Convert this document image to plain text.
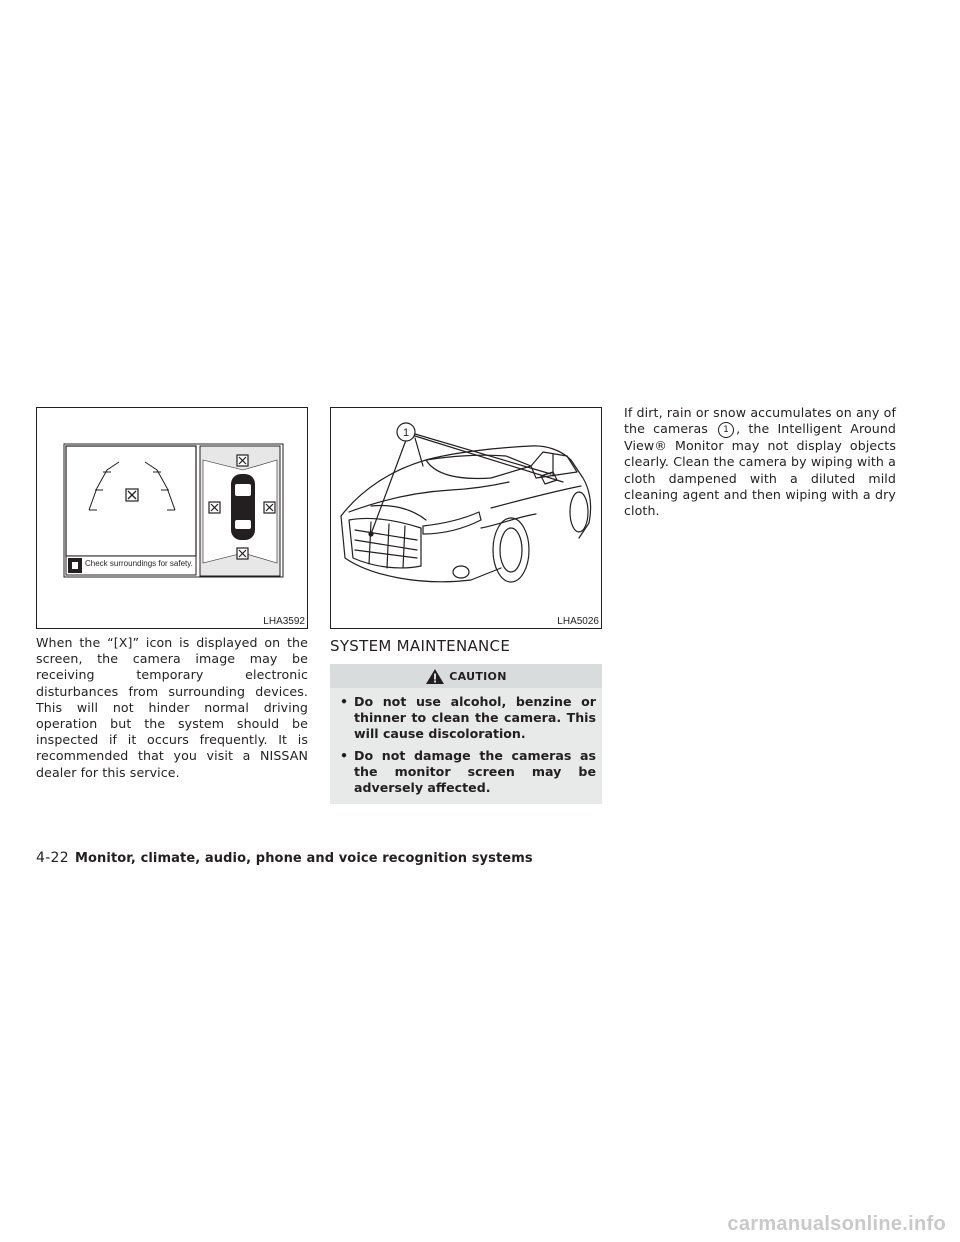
Check surroundings for safety.
LHA3592
1
LHA5026

When the “[X]” icon is displayed on the screen, the camera image may be receiving temporary electronic disturbances from surrounding devices. This will not hinder normal driving operation but the system should be inspected if it occurs frequently. It is recommended that you visit a NISSAN dealer for this service.

SYSTEM MAINTENANCE
CAUTION
• Do not use alcohol, benzine or thinner to clean the camera. This will cause discoloration.
• Do not damage the cameras as the monitor screen may be adversely affected.

If dirt, rain or snow accumulates on any of the cameras 1 , the Intelligent Around View® Monitor may not display objects clearly. Clean the camera by wiping with a cloth dampened with a diluted mild cleaning agent and then wiping with a dry cloth.

4-22 Monitor, climate, audio, phone and voice recognition systems
carmanualsonline.info
